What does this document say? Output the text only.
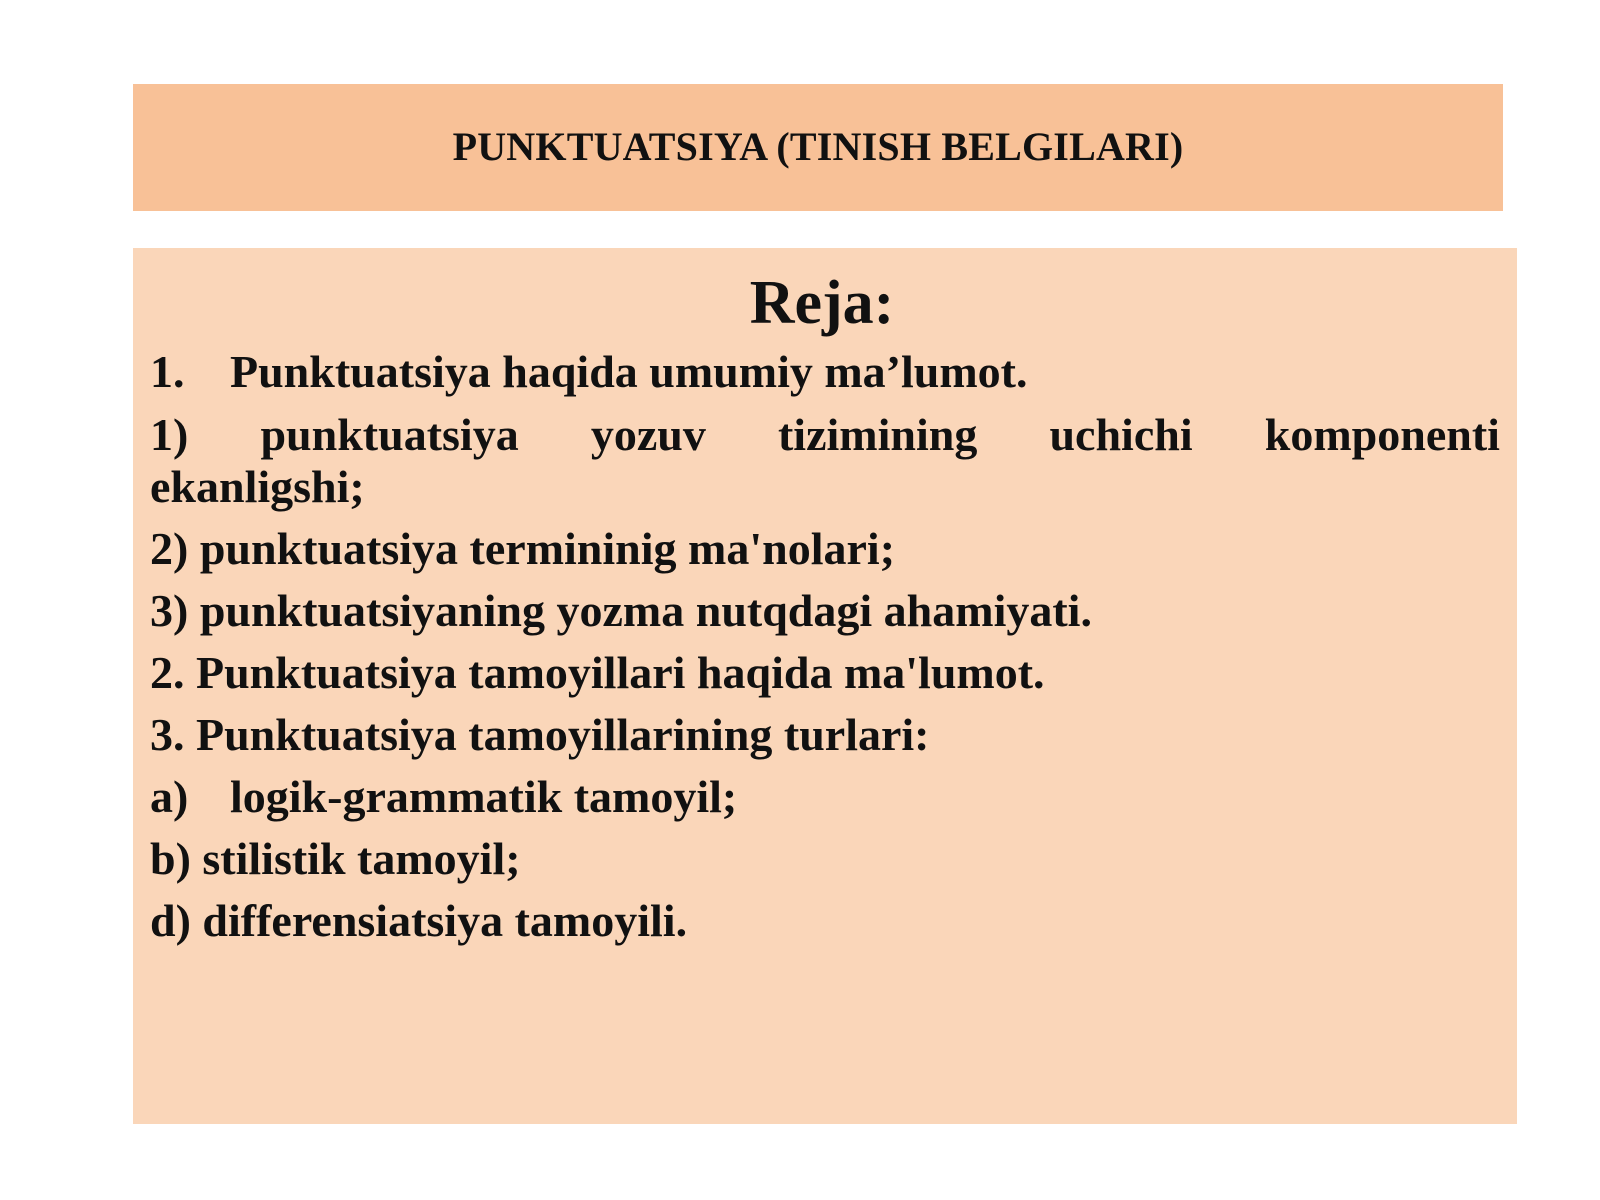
PUNKTUATSIYA (TINISH BELGILARI)
Reja:
1. Punktuatsiya haqida umumiy ma’lumot.
1) punktuatsiya yozuv tizimining uchichi komponenti
ekanligshi;
2) punktuatsiya termininig ma'nolari;
3) punktuatsiyaning yozma nutqdagi ahamiyati.
2. Punktuatsiya tamoyillari haqida ma'lumot.
3. Punktuatsiya tamoyillarining turlari:
a) logik-grammatik tamoyil;
b) stilistik tamoyil;
d) differensiatsiya tamoyili.
